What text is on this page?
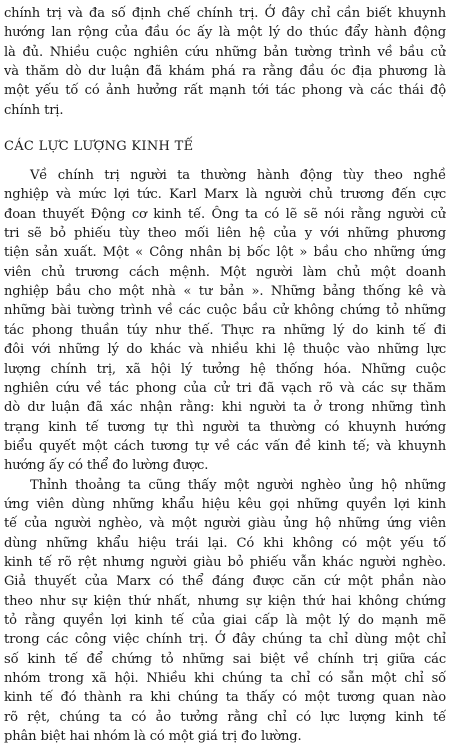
chính trị và đa số định chế chính trị. Ở đây chỉ cần biết khuynh
hướng lan rộng của đầu óc ấy là một lý do thúc đẩy hành động
là đủ. Nhiều cuộc nghiên cứu những bản tường trình về bầu cử
và thăm dò dư luận đã khám phá ra rằng đầu óc địa phương là
một yếu tố có ảnh hưởng rất mạnh tới tác phong và các thái độ
chính trị.
CÁC LỰC LƯỢNG KINH TẾ
Về chính trị người ta thường hành động tùy theo nghề
nghiệp và mức lợi tức. Karl Marx là người chủ trương đến cực
đoan thuyết Động cơ kinh tế. Ông ta có lẽ sẽ nói rằng người cử
tri sẽ bỏ phiếu tùy theo mối liên hệ của y với những phương
tiện sản xuất. Một « Công nhân bị bốc lột » bầu cho những ứng
viên chủ trương cách mệnh. Một người làm chủ một doanh
nghiệp bầu cho một nhà « tư bản ». Những bảng thống kê và
những bài tường trình về các cuộc bầu cử không chứng tỏ những
tác phong thuần túy như thế. Thực ra những lý do kinh tế đi
đôi với những lý do khác và nhiều khi lệ thuộc vào những lực
lượng chính trị, xã hội lý tưởng hệ thống hóa. Những cuộc
nghiên cứu về tác phong của cử tri đã vạch rõ và các sự thăm
dò dư luận đã xác nhận rằng: khi người ta ở trong những tình
trạng kinh tế tương tự thì người ta thường có khuynh hướng
biểu quyết một cách tương tự về các vấn đề kinh tế; và khuynh
hướng ấy có thể đo lường được.
Thỉnh thoảng ta cũng thấy một người nghèo ủng hộ những
ứng viên dùng những khẩu hiệu kêu gọi những quyền lợi kinh
tế của người nghèo, và một người giàu ủng hộ những ứng viên
dùng những khẩu hiệu trái lại. Có khi không có một yếu tố
kinh tế rõ rệt nhưng người giàu bỏ phiếu vẫn khác người nghèo.
Giả thuyết của Marx có thể đáng được căn cứ một phần nào
theo như sự kiện thứ nhất, nhưng sự kiện thứ hai không chứng
tỏ rằng quyền lợi kinh tế của giai cấp là một lý do mạnh mẽ
trong các công việc chính trị. Ở đây chúng ta chỉ dùng một chỉ
số kinh tế để chứng tỏ những sai biệt về chính trị giữa các
nhóm trong xã hội. Nhiều khi chúng ta chỉ có sẵn một chỉ số
kinh tế đó thành ra khi chúng ta thấy có một tương quan nào
rõ rệt, chúng ta có ảo tưởng rằng chỉ có lực lượng kinh tế
phân biệt hai nhóm là có một giá trị đo lường.
